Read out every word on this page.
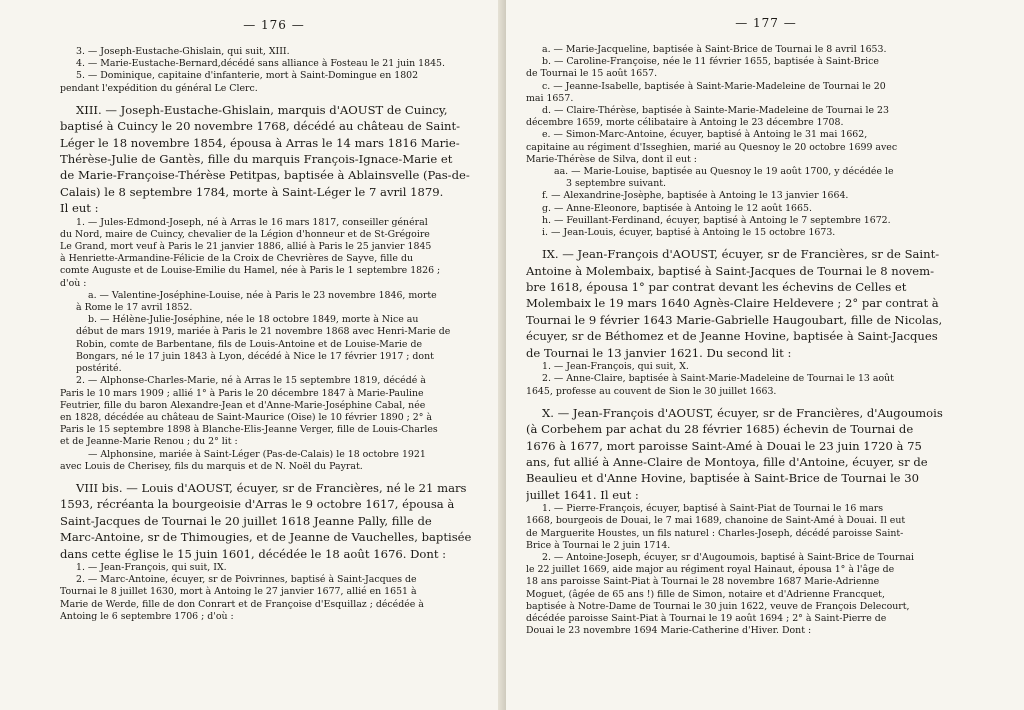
— 176 —
3. — Joseph-Eustache-Ghislain, qui suit, XIII.
4. — Marie-Eustache-Bernard,décédé sans alliance à Fosteau le 21 juin 1845.
5. — Dominique, capitaine d'infanterie, mort à Saint-Domingue en 1802
pendant l'expédition du général Le Clerc.
XIII. — Joseph-Eustache-Ghislain, marquis d'AOUST de Cuincy,
baptisé à Cuincy le 20 novembre 1768, décédé au château de Saint-
Léger le 18 novembre 1854, épousa à Arras le 14 mars 1816 Marie-
Thérèse-Julie de Gantès, fille du marquis François-Ignace-Marie et
de Marie-Françoise-Thérèse Petitpas, baptisée à Ablainsvelle (Pas-de-
Calais) le 8 septembre 1784, morte à Saint-Léger le 7 avril 1879.
Il eut :
1. — Jules-Edmond-Joseph, né à Arras le 16 mars 1817, conseiller général
du Nord, maire de Cuincy, chevalier de la Légion d'honneur et de St-Grégoire
Le Grand, mort veuf à Paris le 21 janvier 1886, allié à Paris le 25 janvier 1845
à Henriette-Armandine-Félicie de la Croix de Chevrières de Sayve, fille du
comte Auguste et de Louise-Emilie du Hamel, née à Paris le 1 septembre 1826 ;
d'où :
a. — Valentine-Joséphine-Louise, née à Paris le 23 novembre 1846, morte
à Rome le 17 avril 1852.
b. — Hélène-Julie-Joséphine, née le 18 octobre 1849, morte à Nice au
début de mars 1919, mariée à Paris le 21 novembre 1868 avec Henri-Marie de
Robin, comte de Barbentane, fils de Louis-Antoine et de Louise-Marie de
Bongars, né le 17 juin 1843 à Lyon, décédé à Nice le 17 février 1917 ; dont
postérité.
2. — Alphonse-Charles-Marie, né à Arras le 15 septembre 1819, décédé à
Paris le 10 mars 1909 ; allié 1° à Paris le 20 décembre 1847 à Marie-Pauline
Feutrier, fille du baron Alexandre-Jean et d'Anne-Marie-Joséphine Cabal, née
en 1828, décédée au château de Saint-Maurice (Oise) le 10 février 1890 ; 2° à
Paris le 15 septembre 1898 à Blanche-Elis-Jeanne Verger, fille de Louis-Charles
et de Jeanne-Marie Renou ; du 2° lit :
— Alphonsine, mariée à Saint-Léger (Pas-de-Calais) le 18 octobre 1921
avec Louis de Cherisey, fils du marquis et de N. Noël du Payrat.
VIII bis. — Louis d'AOUST, écuyer, sr de Francières, né le 21 mars
1593, récréanta la bourgeoisie d'Arras le 9 octobre 1617, épousa à
Saint-Jacques de Tournai le 20 juillet 1618 Jeanne Pally, fille de
Marc-Antoine, sr de Thimougies, et de Jeanne de Vauchelles, baptisée
dans cette église le 15 juin 1601, décédée le 18 août 1676. Dont :
1. — Jean-François, qui suit, IX.
2. — Marc-Antoine, écuyer, sr de Poivrinnes, baptisé à Saint-Jacques de
Tournai le 8 juillet 1630, mort à Antoing le 27 janvier 1677, allié en 1651 à
Marie de Werde, fille de don Conrart et de Françoise d'Esquillaz ; décédée à
Antoing le 6 septembre 1706 ; d'où :
— 177 —
a. — Marie-Jacqueline, baptisée à Saint-Brice de Tournai le 8 avril 1653.
b. — Caroline-Françoise, née le 11 février 1655, baptisée à Saint-Brice
de Tournai le 15 août 1657.
c. — Jeanne-Isabelle, baptisée à Saint-Marie-Madeleine de Tournai le 20
mai 1657.
d. — Claire-Thérèse, baptisée à Sainte-Marie-Madeleine de Tournai le 23
décembre 1659, morte célibataire à Antoing le 23 décembre 1708.
e. — Simon-Marc-Antoine, écuyer, baptisé à Antoing le 31 mai 1662,
capitaine au régiment d'Isseghien, marié au Quesnoy le 20 octobre 1699 avec
Marie-Thérèse de Silva, dont il eut :
aa. — Marie-Louise, baptisée au Quesnoy le 19 août 1700, y décédée le
3 septembre suivant.
f. — Alexandrine-Josèphe, baptisée à Antoing le 13 janvier 1664.
g. — Anne-Eleonore, baptisée à Antoing le 12 août 1665.
h. — Feuillant-Ferdinand, écuyer, baptisé à Antoing le 7 septembre 1672.
i. — Jean-Louis, écuyer, baptisé à Antoing le 15 octobre 1673.
IX. — Jean-François d'AOUST, écuyer, sr de Francières, sr de Saint-
Antoine à Molembaix, baptisé à Saint-Jacques de Tournai le 8 novem-
bre 1618, épousa 1° par contrat devant les échevins de Celles et
Molembaix le 19 mars 1640 Agnès-Claire Heldevere ; 2° par contrat à
Tournai le 9 février 1643 Marie-Gabrielle Haugoubart, fille de Nicolas,
écuyer, sr de Béthomez et de Jeanne Hovine, baptisée à Saint-Jacques
de Tournai le 13 janvier 1621. Du second lit :
1. — Jean-François, qui suit, X.
2. — Anne-Claire, baptisée à Saint-Marie-Madeleine de Tournai le 13 août
1645, professe au couvent de Sion le 30 juillet 1663.
X. — Jean-François d'AOUST, écuyer, sr de Francières, d'Augoumois
(à Corbehem par achat du 28 février 1685) échevin de Tournai de
1676 à 1677, mort paroisse Saint-Amé à Douai le 23 juin 1720 à 75
ans, fut allié à Anne-Claire de Montoya, fille d'Antoine, écuyer, sr de
Beaulieu et d'Anne Hovine, baptisée à Saint-Brice de Tournai le 30
juillet 1641. Il eut :
1. — Pierre-François, écuyer, baptisé à Saint-Piat de Tournai le 16 mars
1668, bourgeois de Douai, le 7 mai 1689, chanoine de Saint-Amé à Douai. Il eut
de Marguerite Houstes, un fils naturel : Charles-Joseph, décédé paroisse Saint-
Brice à Tournai le 2 juin 1714.
2. — Antoine-Joseph, écuyer, sr d'Augoumois, baptisé à Saint-Brice de Tournai
le 22 juillet 1669, aide major au régiment royal Hainaut, épousa 1° à l'âge de
18 ans paroisse Saint-Piat à Tournai le 28 novembre 1687 Marie-Adrienne
Moguet, (âgée de 65 ans !) fille de Simon, notaire et d'Adrienne Francquet,
baptisée à Notre-Dame de Tournai le 30 juin 1622, veuve de François Delecourt,
décédée paroisse Saint-Piat à Tournai le 19 août 1694 ; 2° à Saint-Pierre de
Douai le 23 novembre 1694 Marie-Catherine d'Hiver. Dont :
